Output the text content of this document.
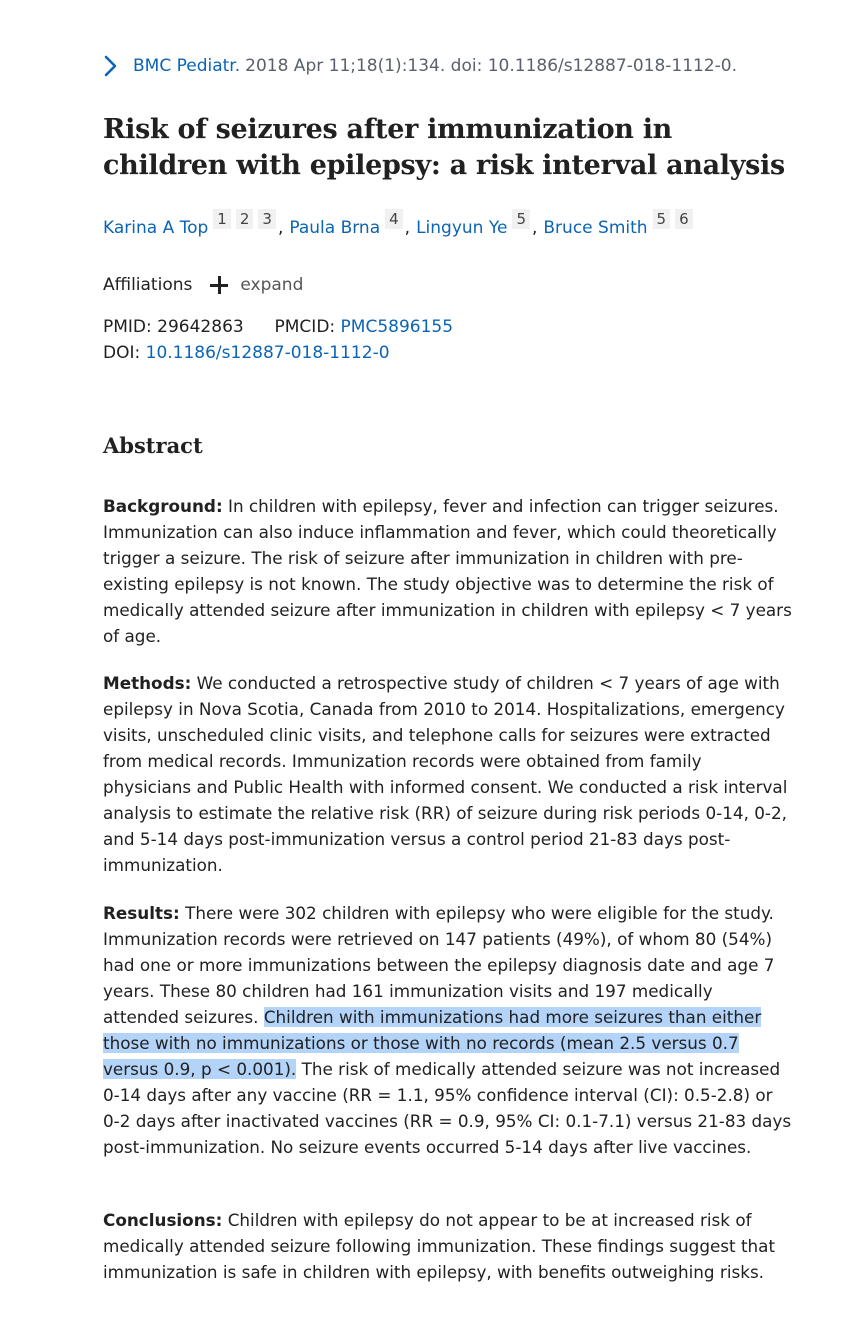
BMC Pediatr. 2018 Apr 11;18(1):134. doi: 10.1186/s12887-018-1112-0.
Risk of seizures after immunization in children with epilepsy: a risk interval analysis
Karina A Top 1 2 3 , Paula Brna 4 , Lingyun Ye 5 , Bruce Smith 5 6
Affiliations	expand
PMID: 29642863 PMCID: PMC5896155
DOI: 10.1186/s12887-018-1112-0
Abstract

Background: In children with epilepsy, fever and infection can trigger seizures. Immunization can also induce inflammation and fever, which could theoretically trigger a seizure. The risk of seizure after immunization in children with pre-existing epilepsy is not known. The study objective was to determine the risk of medically attended seizure after immunization in children with epilepsy < 7 years of age.

Methods: We conducted a retrospective study of children < 7 years of age with epilepsy in Nova Scotia, Canada from 2010 to 2014. Hospitalizations, emergency visits, unscheduled clinic visits, and telephone calls for seizures were extracted from medical records. Immunization records were obtained from family physicians and Public Health with informed consent. We conducted a risk interval analysis to estimate the relative risk (RR) of seizure during risk periods 0-14, 0-2, and 5-14 days post-immunization versus a control period 21-83 days post-immunization.

Results: There were 302 children with epilepsy who were eligible for the study. Immunization records were retrieved on 147 patients (49%), of whom 80 (54%) had one or more immunizations between the epilepsy diagnosis date and age 7 years. These 80 children had 161 immunization visits and 197 medically attended seizures. Children with immunizations had more seizures than either those with no immunizations or those with no records (mean 2.5 versus 0.7 versus 0.9, p < 0.001). The risk of medically attended seizure was not increased 0-14 days after any vaccine (RR = 1.1, 95% confidence interval (CI): 0.5-2.8) or 0-2 days after inactivated vaccines (RR = 0.9, 95% CI: 0.1-7.1) versus 21-83 days post-immunization. No seizure events occurred 5-14 days after live vaccines.

Conclusions: Children with epilepsy do not appear to be at increased risk of medically attended seizure following immunization. These findings suggest that immunization is safe in children with epilepsy, with benefits outweighing risks.
